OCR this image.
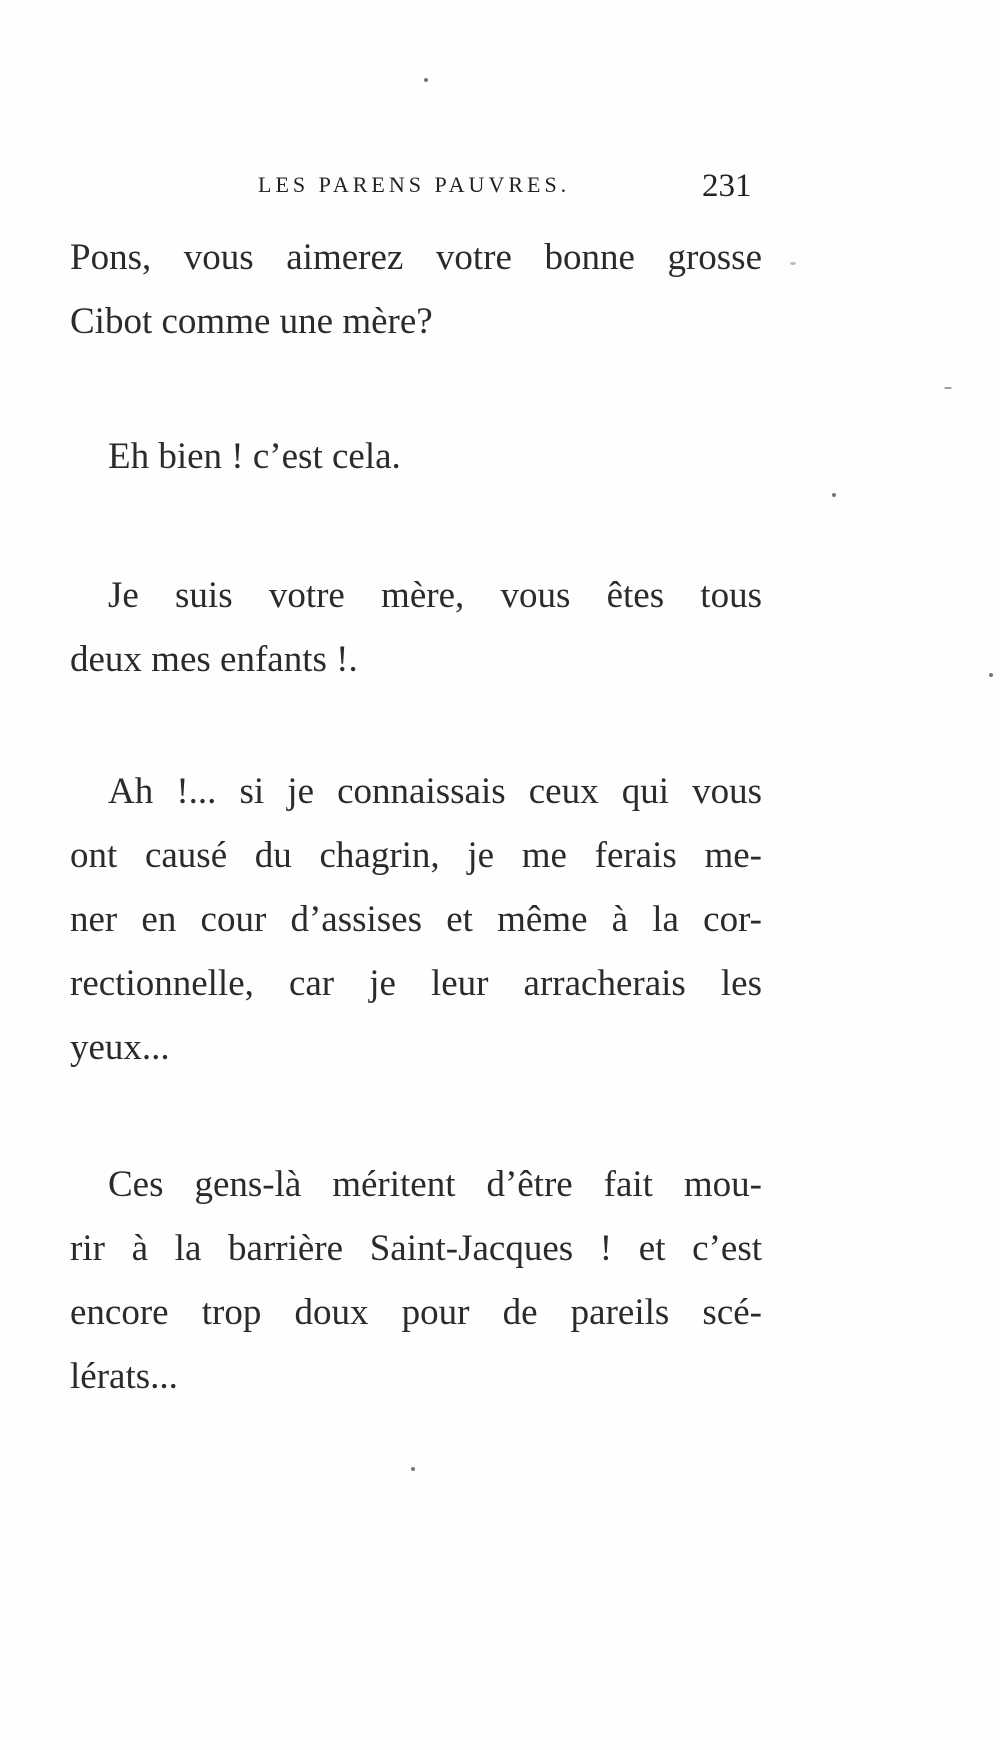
LES PARENS PAUVRES.	231
Pons, vous aimerez votre bonne grosse
Cibot comme une mère?
Eh bien ! c’est cela.
Je suis votre mère, vous êtes tous
deux mes enfants !.
Ah !... si je connaissais ceux qui vous
ont causé du chagrin, je me ferais me-
ner en cour d’assises et même à la cor-
rectionnelle, car je leur arracherais les
yeux...
Ces gens-là méritent d’être fait mou-
rir à la barrière Saint-Jacques ! et c’est
encore trop doux pour de pareils scé-
lérats...
